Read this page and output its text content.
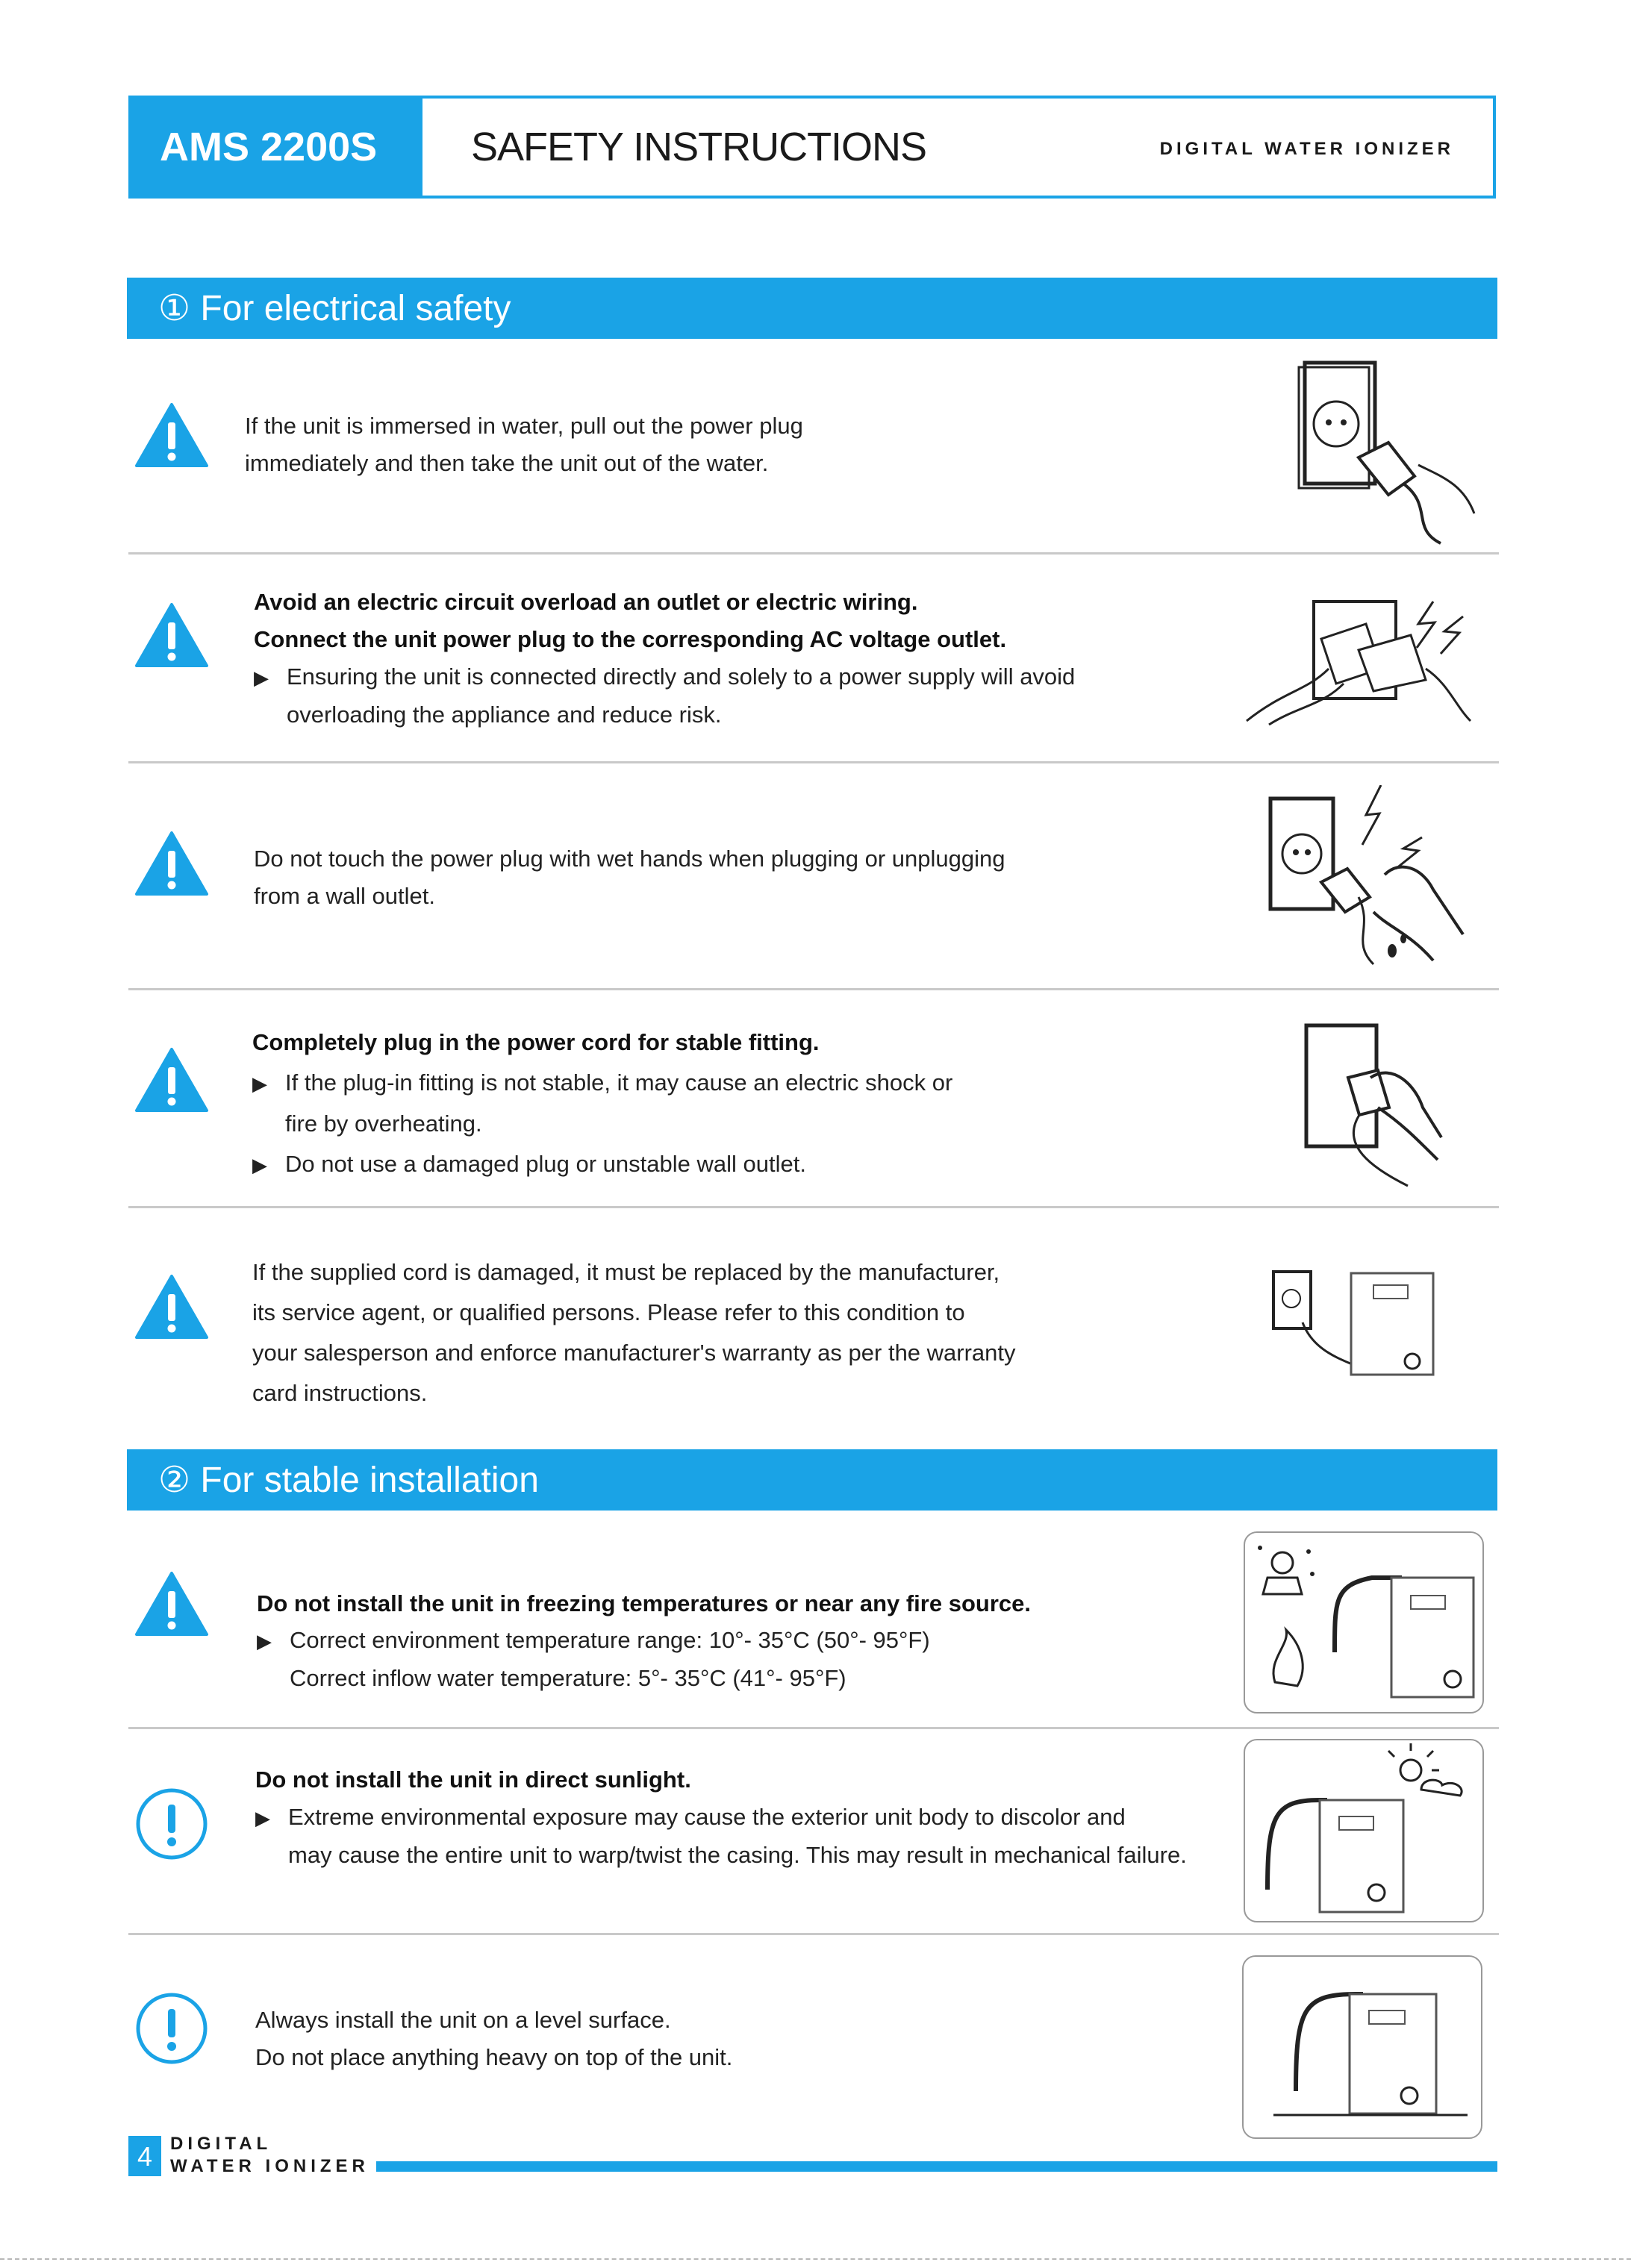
AMS 2200S	SAFETY INSTRUCTIONS	DIGITAL WATER IONIZER
① For electrical safety
If the unit is immersed in water, pull out the power plug
immediately and then take the unit out of the water.
Avoid an electric circuit overload an outlet or electric wiring.
Connect the unit power plug to the corresponding AC voltage outlet.
▶ Ensuring the unit is connected directly and solely to a power supply will avoid
overloading the appliance and reduce risk.
Do not touch the power plug with wet hands when plugging or unplugging
from a wall outlet.
Completely plug in the power cord for stable fitting.
▶ If the plug-in fitting is not stable, it may cause an electric shock or
fire by overheating.
▶ Do not use a damaged plug or unstable wall outlet.
If the supplied cord is damaged, it must be replaced by the manufacturer,
its service agent, or qualified persons. Please refer to this condition to
your salesperson and enforce manufacturer's warranty as per the warranty
card instructions.
② For stable installation
Do not install the unit in freezing temperatures or near any fire source.
▶ Correct environment temperature range: 10°- 35°C (50°- 95°F)
Correct inflow water temperature: 5°- 35°C (41°- 95°F)
Do not install the unit in direct sunlight.
▶ Extreme environmental exposure may cause the exterior unit body to discolor and
may cause the entire unit to warp/twist the casing. This may result in mechanical failure.
Always install the unit on a level surface.
Do not place anything heavy on top of the unit.
4 DIGITAL
WATER IONIZER
